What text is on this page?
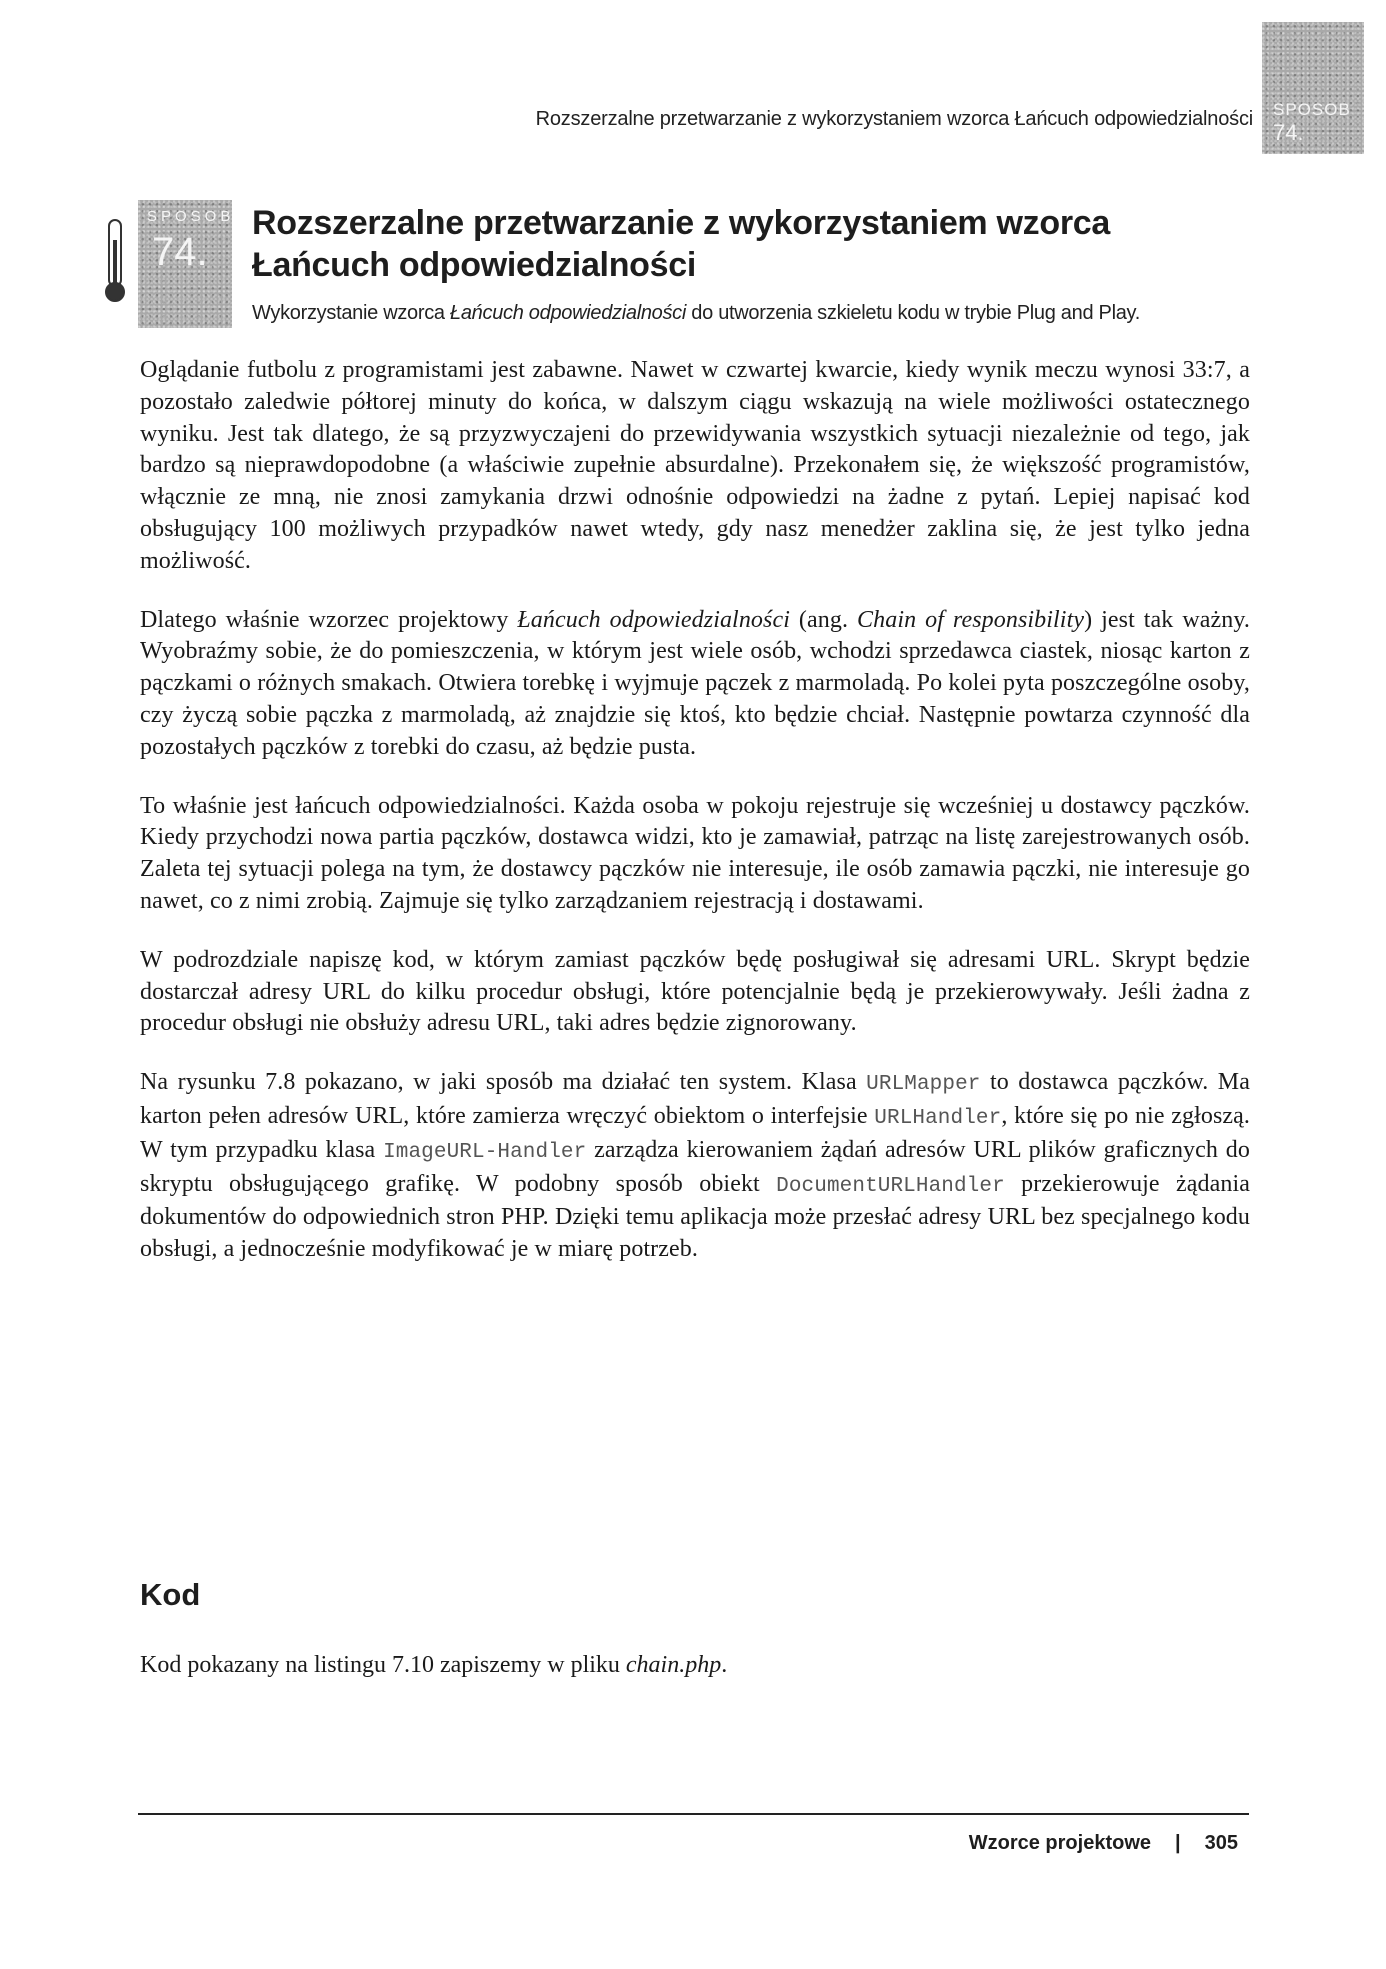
Rozszerzalne przetwarzanie z wykorzystaniem wzorca Łańcuch odpowiedzialności SPOSOB
74.
SPOSOB
74.
Rozszerzalne przetwarzanie z wykorzystaniem wzorca
Łańcuch odpowiedzialności
Wykorzystanie wzorca Łańcuch odpowiedzialności do utworzenia szkieletu kodu w trybie Plug and Play.

Oglądanie futbolu z programistami jest zabawne. Nawet w czwartej kwarcie, kiedy wynik meczu wynosi 33:7, a pozostało zaledwie półtorej minuty do końca, w dalszym ciągu wskazują na wiele możliwości ostatecznego wyniku. Jest tak dlatego, że są przyzwyczajeni do przewidywania wszystkich sytuacji niezależnie od tego, jak bardzo są nieprawdopodobne (a właściwie zupełnie absurdalne). Przekonałem się, że większość programistów, włącznie ze mną, nie znosi zamykania drzwi odnośnie odpowiedzi na żadne z pytań. Lepiej napisać kod obsługujący 100 możliwych przypadków nawet wtedy, gdy nasz menedżer zaklina się, że jest tylko jedna możliwość.

Dlatego właśnie wzorzec projektowy Łańcuch odpowiedzialności (ang. Chain of responsibility) jest tak ważny. Wyobraźmy sobie, że do pomieszczenia, w którym jest wiele osób, wchodzi sprzedawca ciastek, niosąc karton z pączkami o różnych smakach. Otwiera torebkę i wyjmuje pączek z marmoladą. Po kolei pyta poszczególne osoby, czy życzą sobie pączka z marmoladą, aż znajdzie się ktoś, kto będzie chciał. Następnie powtarza czynność dla pozostałych pączków z torebki do czasu, aż będzie pusta.

To właśnie jest łańcuch odpowiedzialności. Każda osoba w pokoju rejestruje się wcześniej u dostawcy pączków. Kiedy przychodzi nowa partia pączków, dostawca widzi, kto je zamawiał, patrząc na listę zarejestrowanych osób. Zaleta tej sytuacji polega na tym, że dostawcy pączków nie interesuje, ile osób zamawia pączki, nie interesuje go nawet, co z nimi zrobią. Zajmuje się tylko zarządzaniem rejestracją i dostawami.

W podrozdziale napiszę kod, w którym zamiast pączków będę posługiwał się adresami URL. Skrypt będzie dostarczał adresy URL do kilku procedur obsługi, które potencjalnie będą je przekierowywały. Jeśli żadna z procedur obsługi nie obsłuży adresu URL, taki adres będzie zignorowany.

Na rysunku 7.8 pokazano, w jaki sposób ma działać ten system. Klasa URLMapper to dostawca pączków. Ma karton pełen adresów URL, które zamierza wręczyć obiektom o interfejsie URLHandler, które się po nie zgłoszą. W tym przypadku klasa ImageURL-Handler zarządza kierowaniem żądań adresów URL plików graficznych do skryptu obsługującego grafikę. W podobny sposób obiekt DocumentURLHandler przekierowuje żądania dokumentów do odpowiednich stron PHP. Dzięki temu aplikacja może przesłać adresy URL bez specjalnego kodu obsługi, a jednocześnie modyfikować je w miarę potrzeb.

Kod
Kod pokazany na listingu 7.10 zapiszemy w pliku chain.php.
Wzorce projektowe | 305
